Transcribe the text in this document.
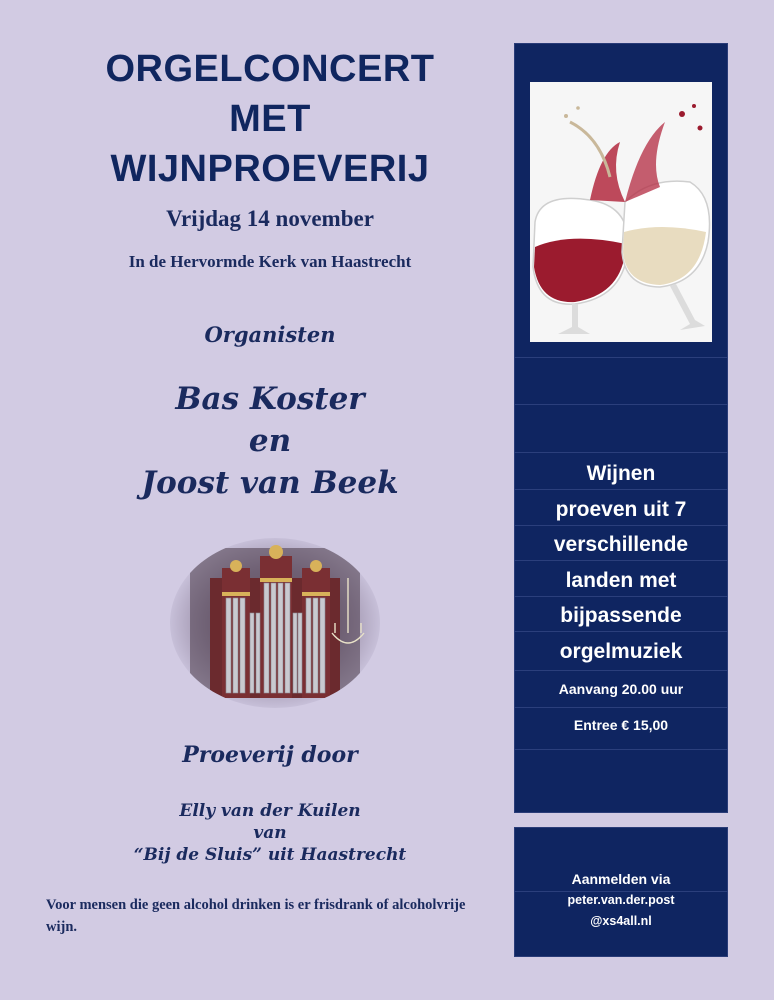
ORGELCONCERT
MET
WIJNPROEVERIJ
Vrijdag 14 november
In de Hervormde Kerk van Haastrecht
Organisten
Bas Koster
en
Joost van Beek
Proeverij door
Elly van der Kuilen
van
“Bij de Sluis” uit Haastrecht
Voor mensen die geen alcohol drinken is er frisdrank of alcoholvrije wijn.
Wijnen
proeven uit 7
verschillende
landen met
bijpassende
orgelmuziek
Aanvang 20.00 uur
Entree € 15,00
Aanmelden via
peter.van.der.post
@xs4all.nl
